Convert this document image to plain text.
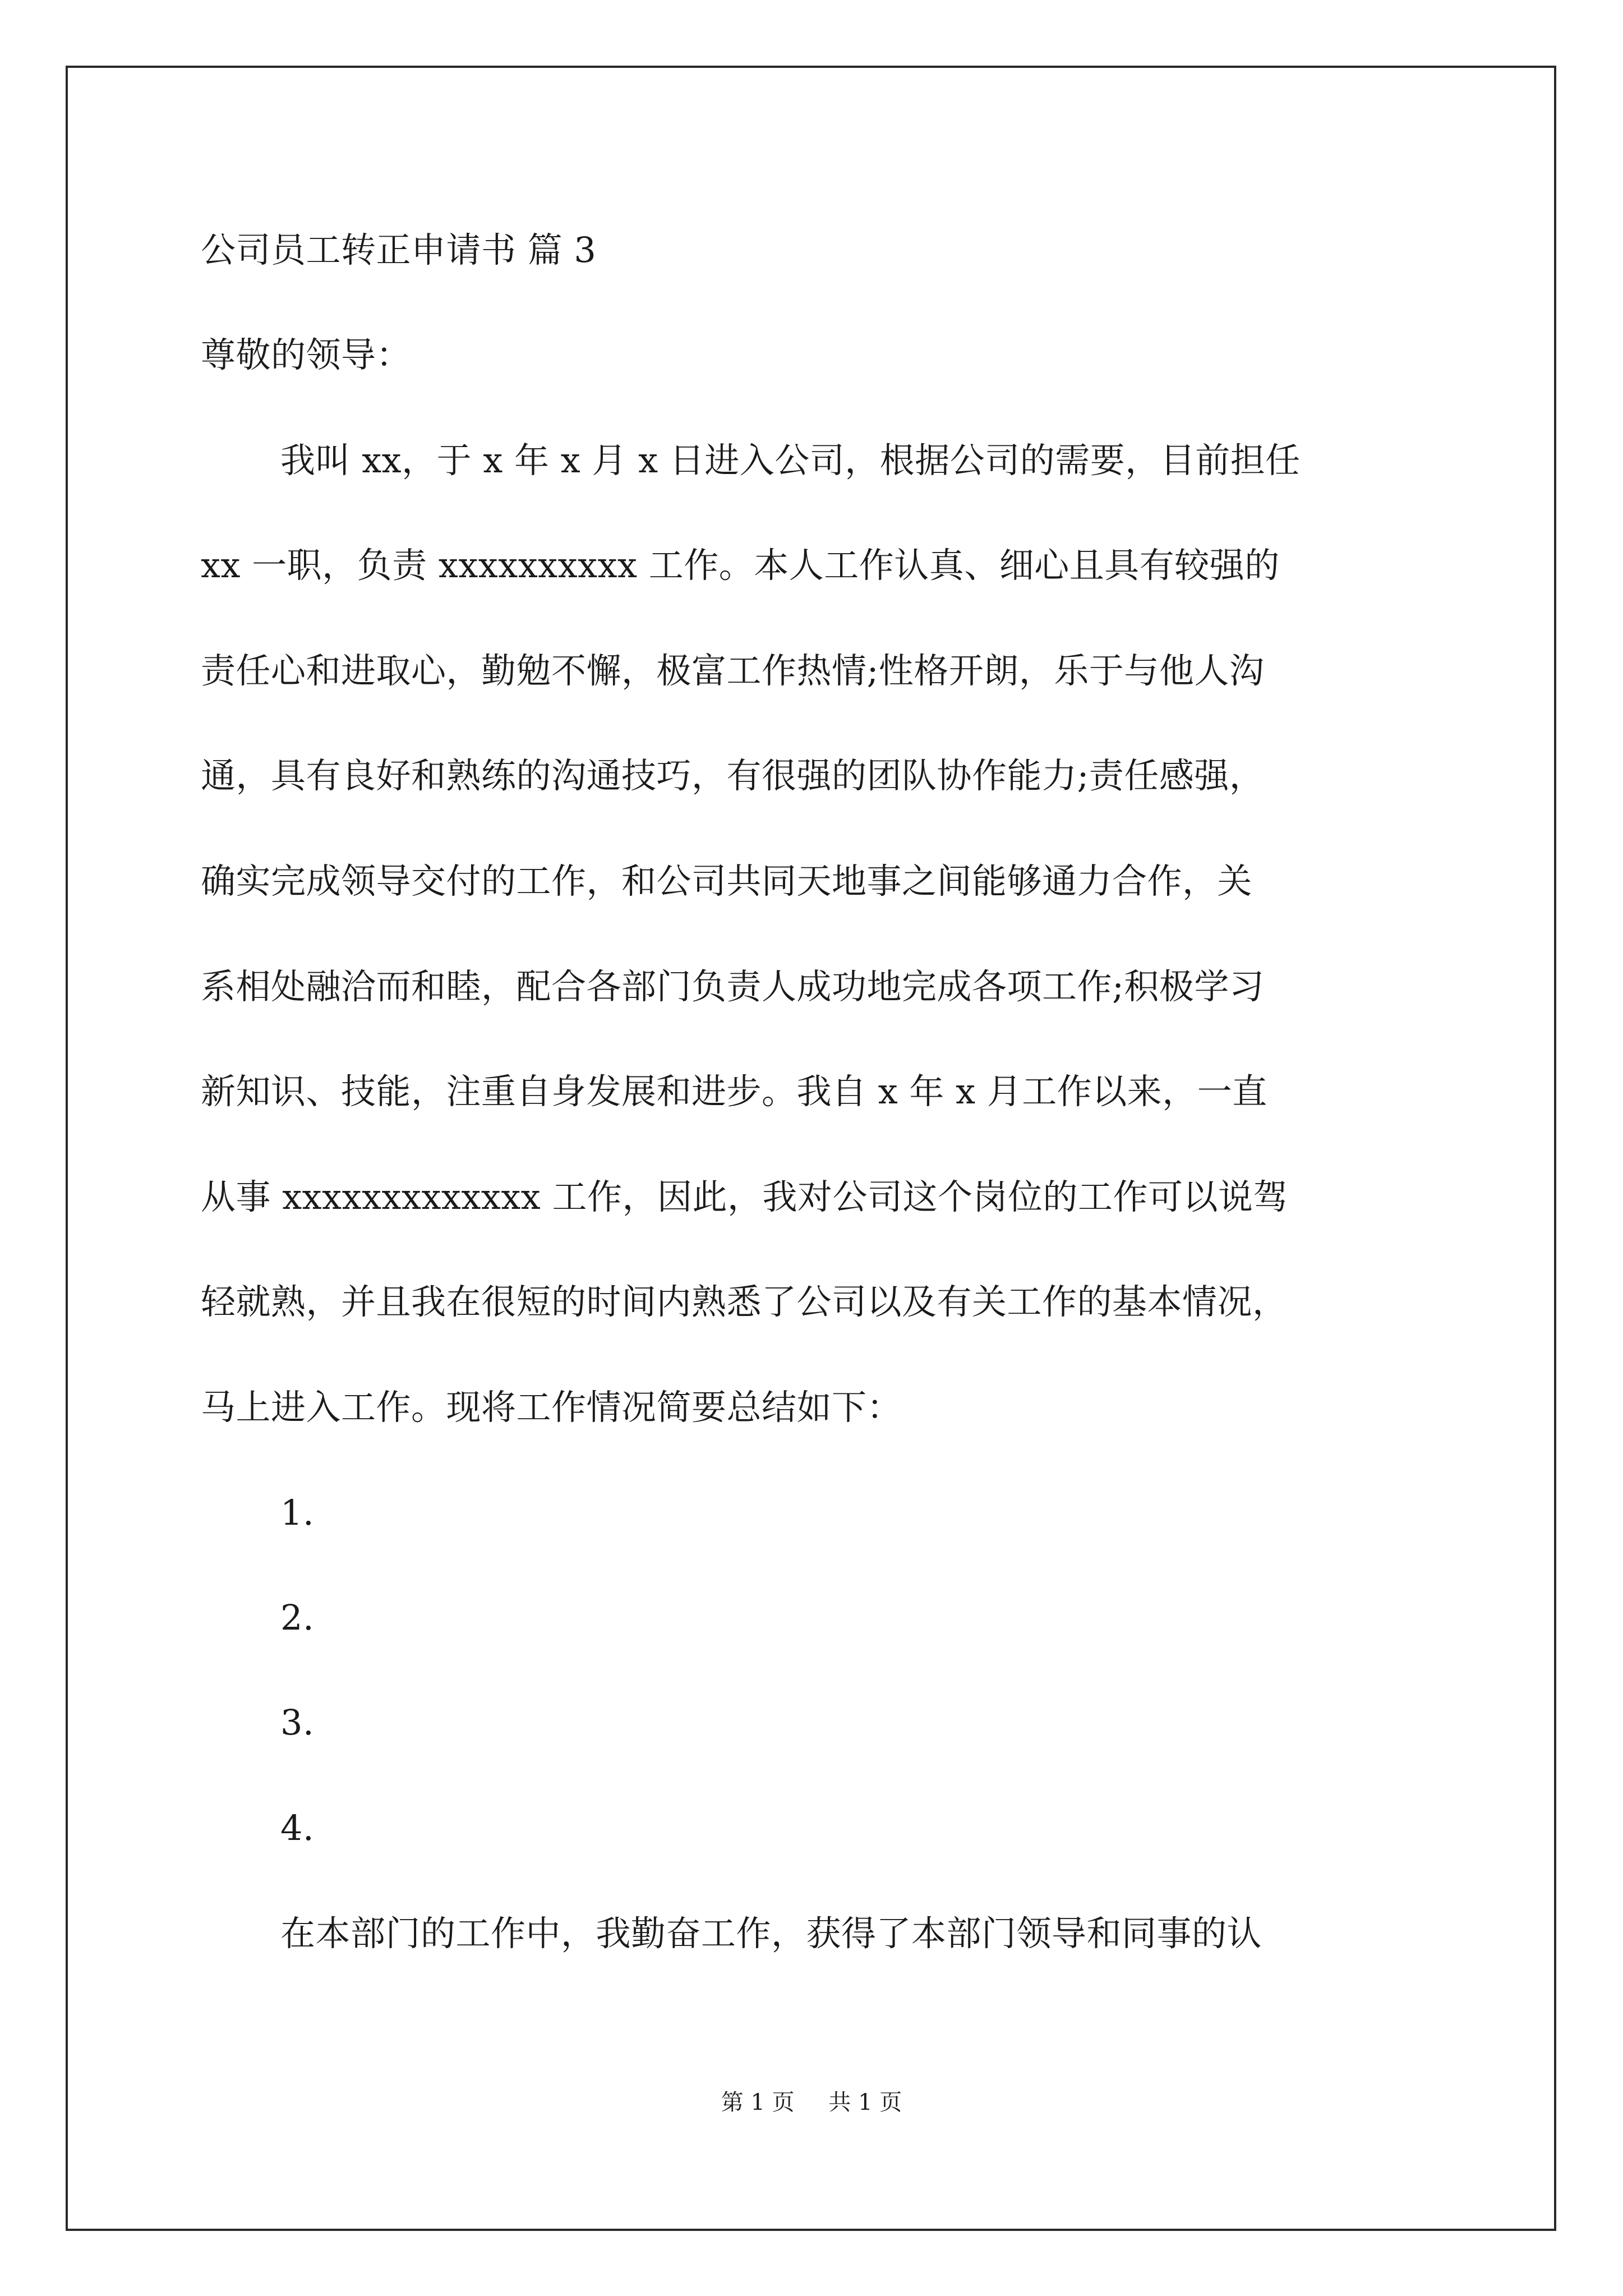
公司员工转正申请书 篇 3
尊敬的领导：
我叫 xx，于 x 年 x 月 x 日进入公司，根据公司的需要，目前担任
xx 一职，负责 xxxxxxxxxx 工作。本人工作认真、细心且具有较强的
责任心和进取心，勤勉不懈，极富工作热情;性格开朗，乐于与他人沟
通，具有良好和熟练的沟通技巧，有很强的团队协作能力;责任感强，
确实完成领导交付的工作，和公司共同天地事之间能够通力合作，关
系相处融洽而和睦，配合各部门负责人成功地完成各项工作;积极学习
新知识、技能，注重自身发展和进步。我自 x 年 x 月工作以来，一直
从事 xxxxxxxxxxxxx 工作，因此，我对公司这个岗位的工作可以说驾
轻就熟，并且我在很短的时间内熟悉了公司以及有关工作的基本情况，
马上进入工作。现将工作情况简要总结如下：
1.
2.
3.
4.
在本部门的工作中，我勤奋工作，获得了本部门领导和同事的认
第 1 页 共 1 页
